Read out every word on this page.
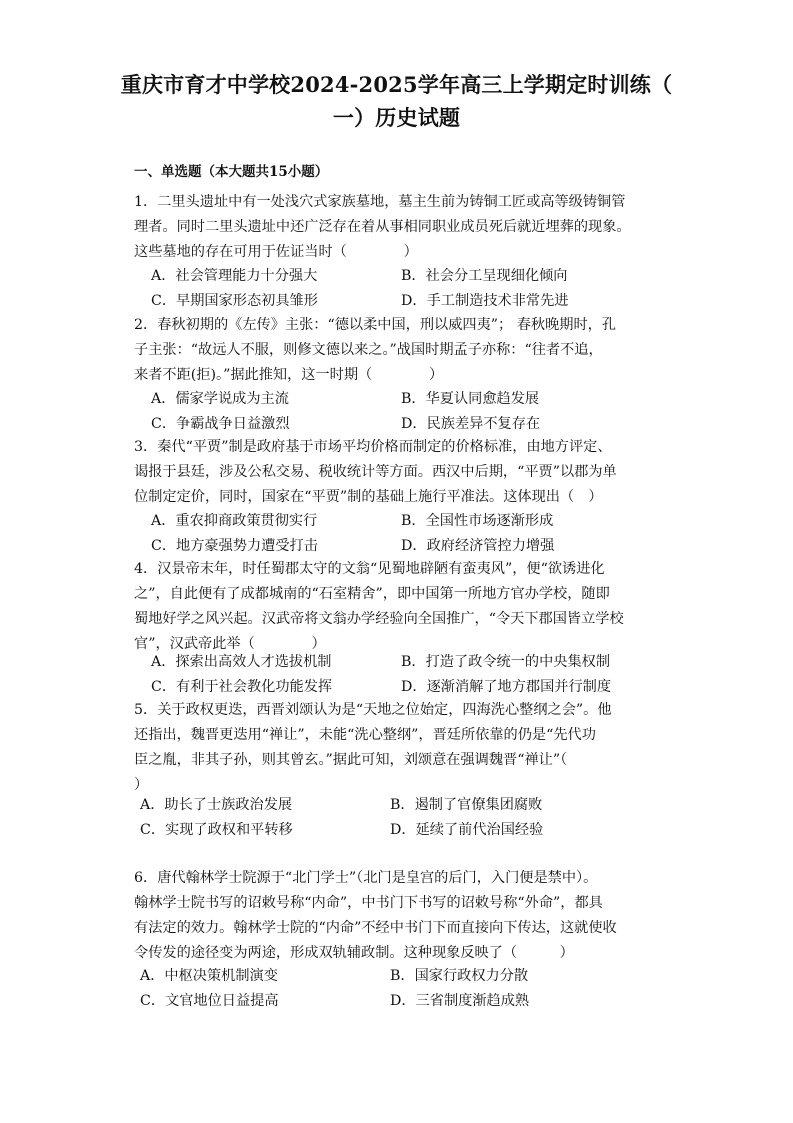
重庆市育才中学校2024-2025学年高三上学期定时训练（
一）历史试题
一、单选题（本大题共15小题）
1．二里头遗址中有一处浅穴式家族墓地，墓主生前为铸铜工匠或高等级铸铜管
理者。同时二里头遗址中还广泛存在着从事相同职业成员死后就近埋葬的现象。
这些墓地的存在可用于佐证当时（　　　　）
A．社会管理能力十分强大	B．社会分工呈现细化倾向
C．早期国家形态初具雏形	D．手工制造技术非常先进
2．春秋初期的《左传》主张：“德以柔中国，刑以威四夷”； 春秋晚期时，孔
子主张：“故远人不服，则修文德以来之。”战国时期孟子亦称：“往者不追，
来者不距(拒)。”据此推知，这一时期（　　　　）
A．儒家学说成为主流	B．华夏认同愈趋发展
C．争霸战争日益激烈	D．民族差异不复存在
3．秦代“平贾”制是政府基于市场平均价格而制定的价格标准，由地方评定、
谒报于县廷，涉及公私交易、税收统计等方面。西汉中后期，“平贾”以郡为单
位制定定价，同时，国家在“平贾”制的基础上施行平准法。这体现出（　）
A．重农抑商政策贯彻实行	B．全国性市场逐渐形成
C．地方豪强势力遭受打击	D．政府经济管控力增强
4．汉景帝末年，时任蜀郡太守的文翁“见蜀地辟陋有蛮夷风”，便“欲诱进化
之”，自此便有了成都城南的“石室精舍”，即中国第一所地方官办学校，随即
蜀地好学之风兴起。汉武帝将文翁办学经验向全国推广，“令天下郡国皆立学校
官”，汉武帝此举（　　　　）
A．探索出高效人才选拔机制	B．打造了政令统一的中央集权制
C．有利于社会教化功能发挥	D．逐渐消解了地方郡国并行制度
5．关于政权更迭，西晋刘颂认为是“天地之位始定，四海洗心整纲之会”。他
还指出，魏晋更迭用“禅让”，未能“洗心整纲”，晋廷所依靠的仍是“先代功
臣之胤，非其子孙，则其曾玄。”据此可知，刘颂意在强调魏晋“禅让”（
）
A．助长了士族政治发展	B．遏制了官僚集团腐败
C．实现了政权和平转移	D．延续了前代治国经验
6．唐代翰林学士院源于“北门学士”（北门是皇宫的后门，入门便是禁中）。
翰林学士院书写的诏敕号称“内命”，中书门下书写的诏敕号称“外命”，都具
有法定的效力。翰林学士院的“内命”不经中书门下而直接向下传达，这就使收
令传发的途径变为两途，形成双轨辅政制。这种现象反映了（　　　）
A．中枢决策机制演变	B．国家行政权力分散
C．文官地位日益提高	D．三省制度渐趋成熟
